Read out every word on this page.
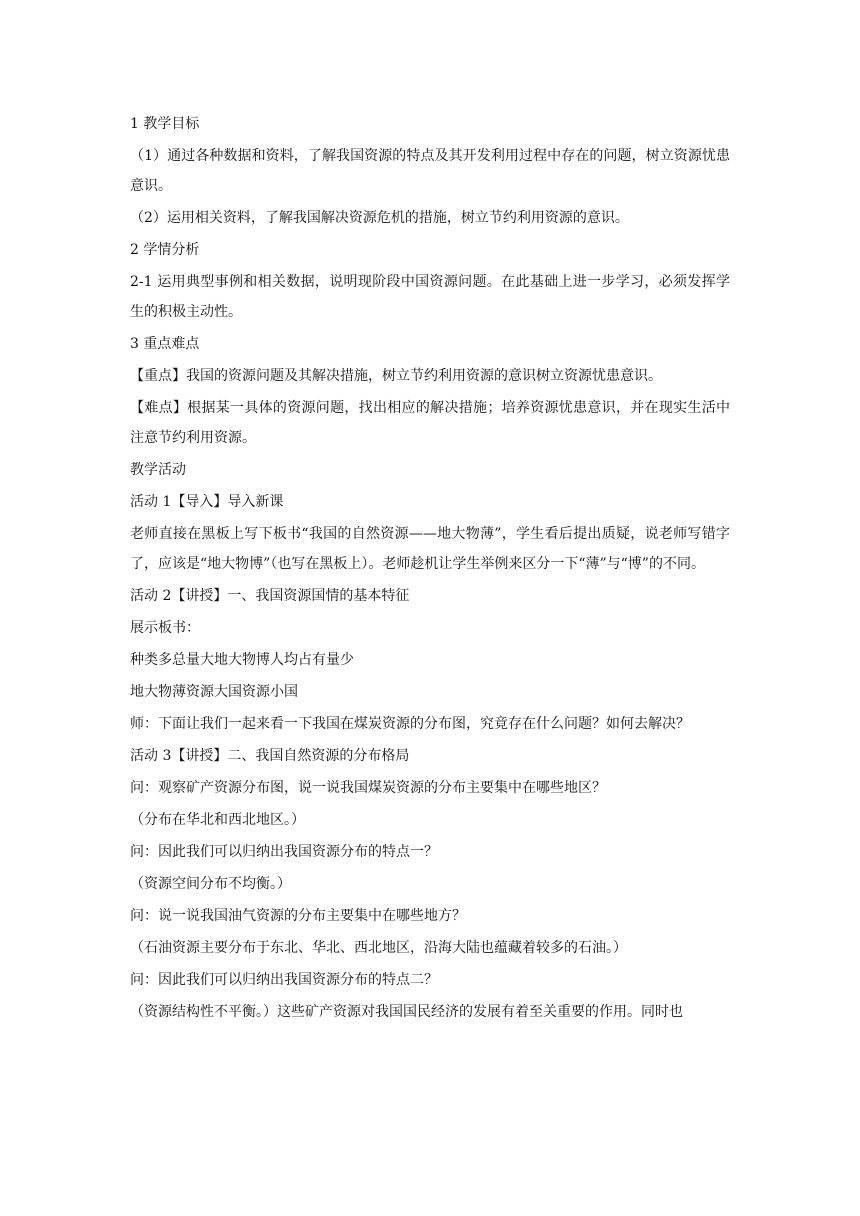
1 教学目标

（1）通过各种数据和资料，了解我国资源的特点及其开发利用过程中存在的问题，树立资源忧患意识。

（2）运用相关资料，了解我国解决资源危机的措施，树立节约利用资源的意识。

2 学情分析

2-1 运用典型事例和相关数据，说明现阶段中国资源问题。在此基础上进一步学习，必须发挥学生的积极主动性。

3 重点难点

【重点】我国的资源问题及其解决措施，树立节约利用资源的意识树立资源忧患意识。

【难点】根据某一具体的资源问题，找出相应的解决措施；培养资源忧患意识，并在现实生活中注意节约利用资源。

教学活动

活动 1【导入】导入新课

老师直接在黑板上写下板书“我国的自然资源——地大物薄”，学生看后提出质疑，说老师写错字了，应该是“地大物博”（也写在黑板上）。老师趁机让学生举例来区分一下“薄”与“博”的不同。

活动 2【讲授】一、我国资源国情的基本特征

展示板书：

种类多总量大地大物博人均占有量少

地大物薄资源大国资源小国

师：下面让我们一起来看一下我国在煤炭资源的分布图，究竟存在什么问题？如何去解决？

活动 3【讲授】二、我国自然资源的分布格局

问：观察矿产资源分布图，说一说我国煤炭资源的分布主要集中在哪些地区？

（分布在华北和西北地区。）

问：因此我们可以归纳出我国资源分布的特点一？

（资源空间分布不均衡。）

问：说一说我国油气资源的分布主要集中在哪些地方？

（石油资源主要分布于东北、华北、西北地区，沿海大陆也蕴藏着较多的石油。）

问：因此我们可以归纳出我国资源分布的特点二？

（资源结构性不平衡。）这些矿产资源对我国国民经济的发展有着至关重要的作用。同时也
